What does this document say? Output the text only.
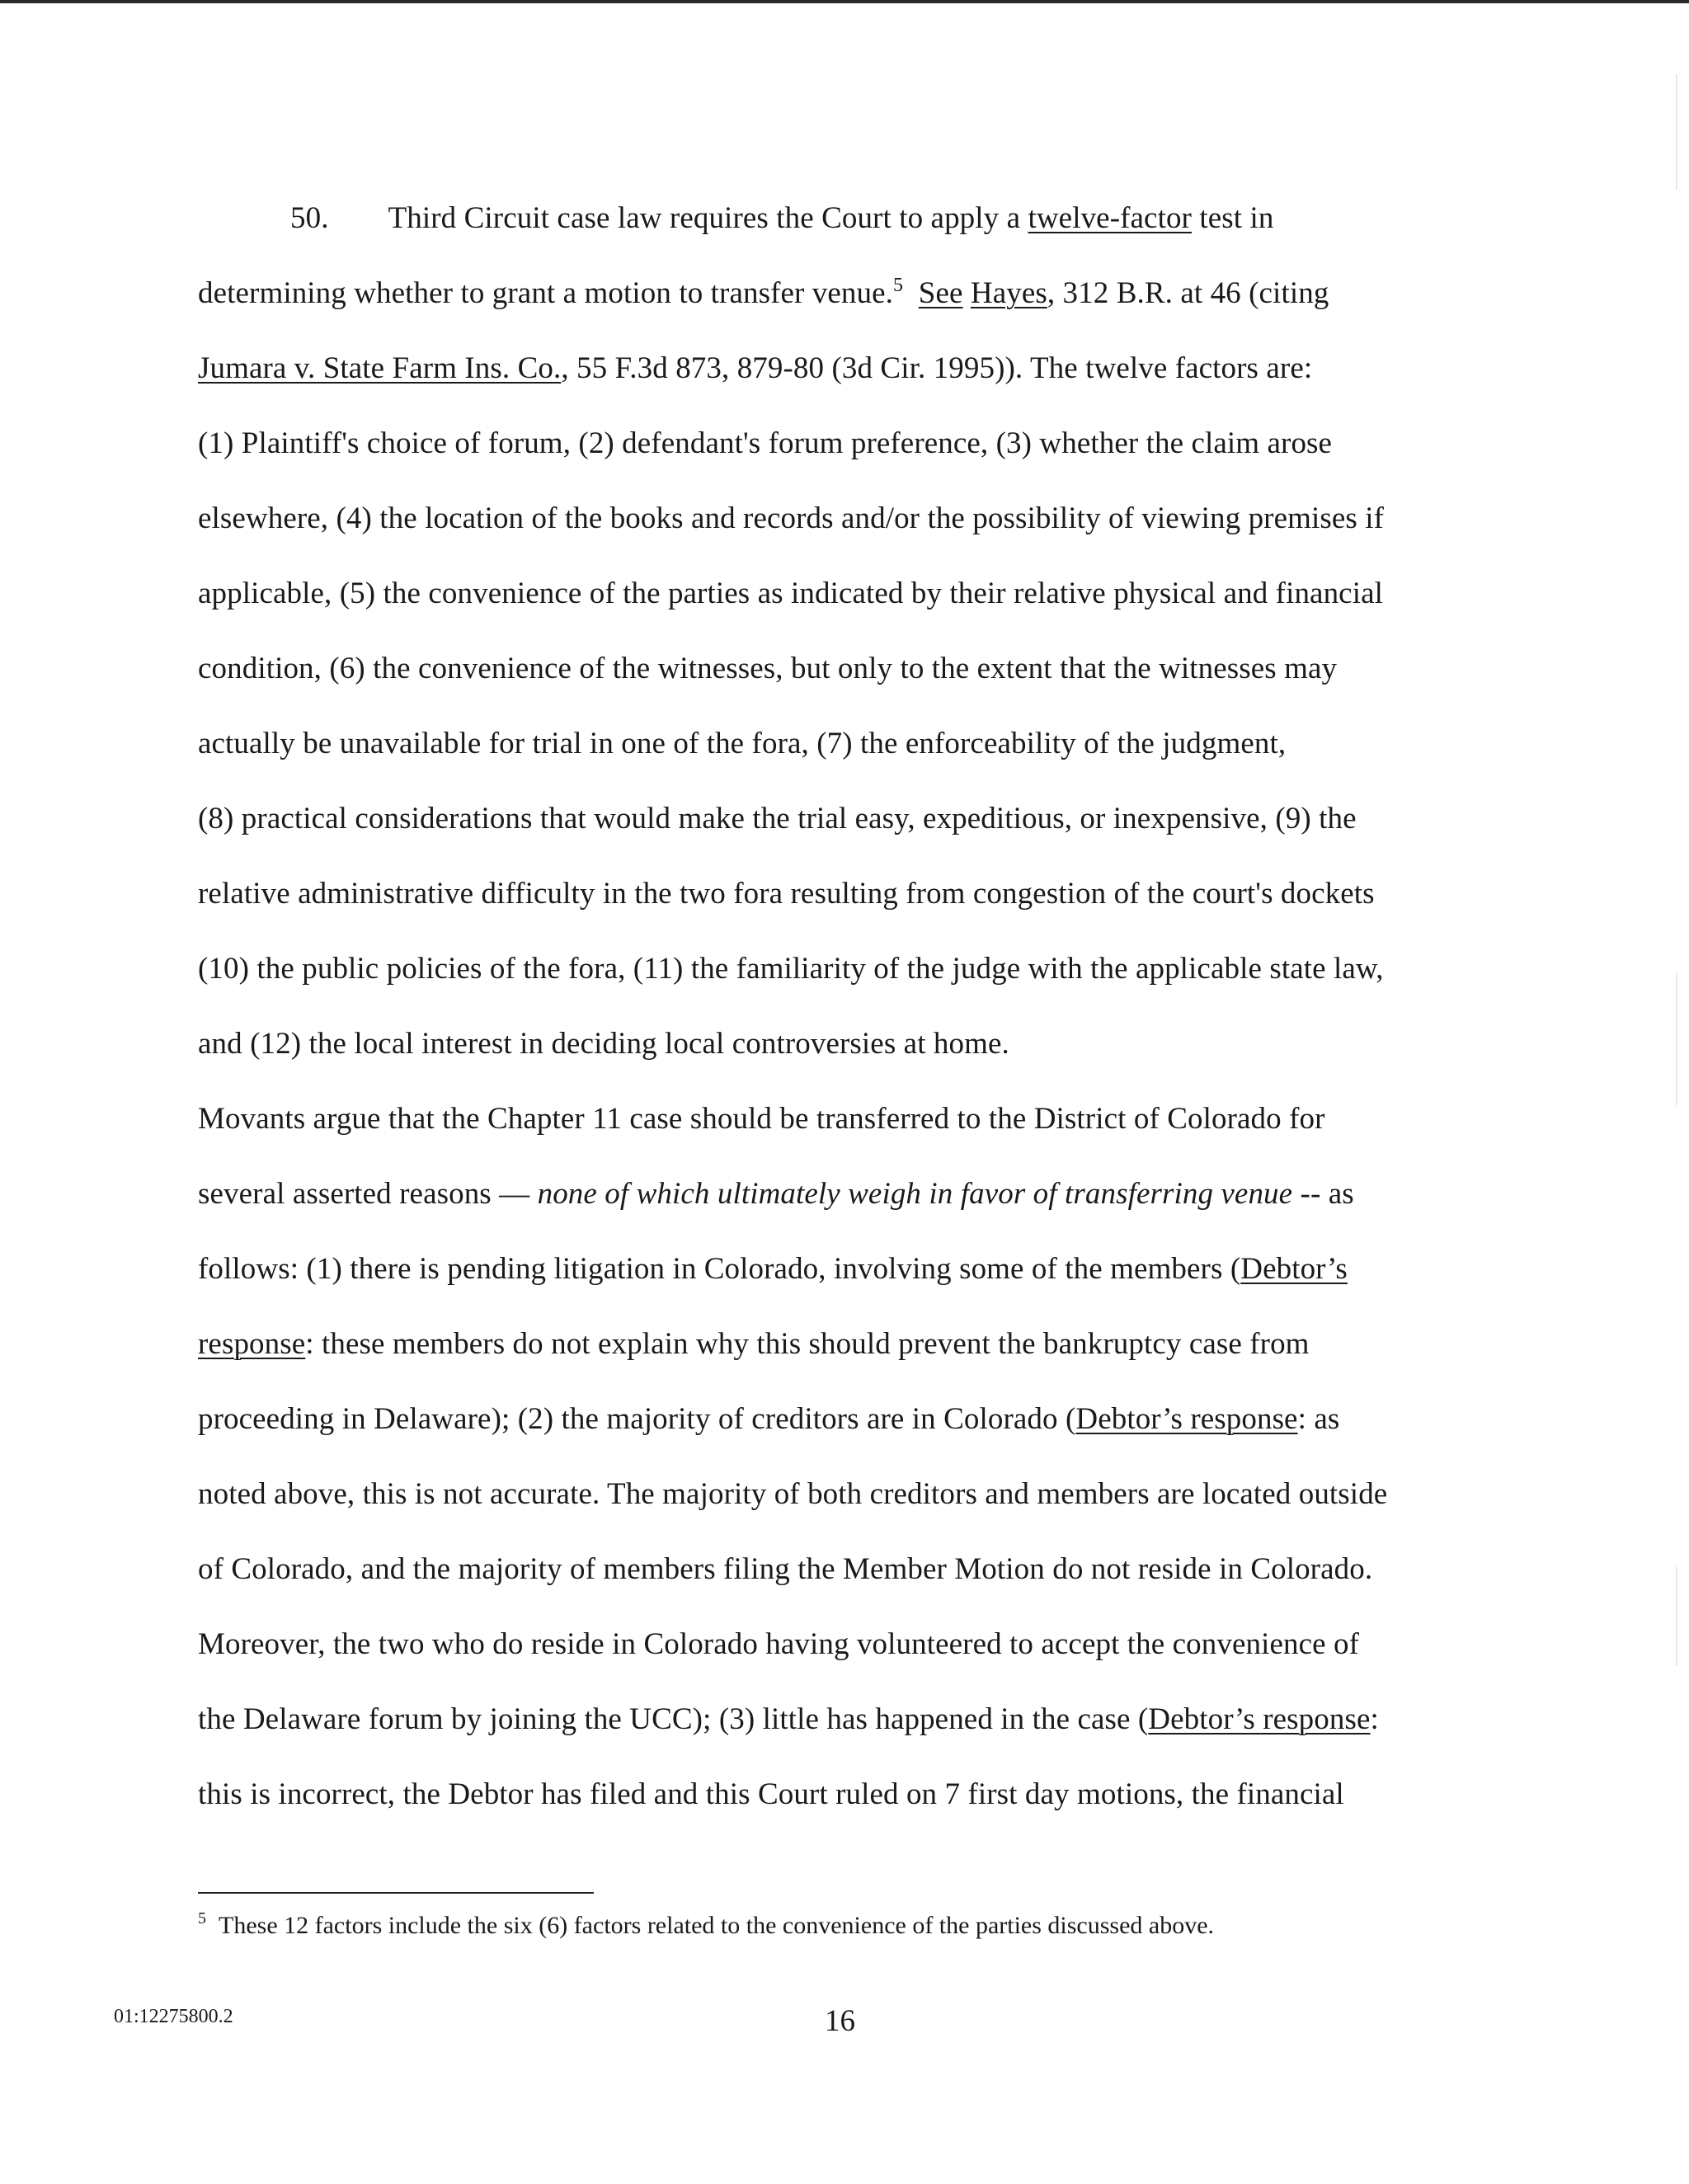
50. Third Circuit case law requires the Court to apply a twelve-factor test in
determining whether to grant a motion to transfer venue.$^5$ See Hayes, 312 B.R. at 46 (citing
Jumara v. State Farm Ins. Co., 55 F.3d 873, 879-80 (3d Cir. 1995)). The twelve factors are:
(1) Plaintiff's choice of forum, (2) defendant's forum preference, (3) whether the claim arose
elsewhere, (4) the location of the books and records and/or the possibility of viewing premises if
applicable, (5) the convenience of the parties as indicated by their relative physical and financial
condition, (6) the convenience of the witnesses, but only to the extent that the witnesses may
actually be unavailable for trial in one of the fora, (7) the enforceability of the judgment,
(8) practical considerations that would make the trial easy, expeditious, or inexpensive, (9) the
relative administrative difficulty in the two fora resulting from congestion of the court's dockets
(10) the public policies of the fora, (11) the familiarity of the judge with the applicable state law,
and (12) the local interest in deciding local controversies at home.
Movants argue that the Chapter 11 case should be transferred to the District of Colorado for
several asserted reasons — none of which ultimately weigh in favor of transferring venue -- as
follows: (1) there is pending litigation in Colorado, involving some of the members (Debtor’s
response: these members do not explain why this should prevent the bankruptcy case from
proceeding in Delaware); (2) the majority of creditors are in Colorado (Debtor’s response: as
noted above, this is not accurate. The majority of both creditors and members are located outside
of Colorado, and the majority of members filing the Member Motion do not reside in Colorado.
Moreover, the two who do reside in Colorado having volunteered to accept the convenience of
the Delaware forum by joining the UCC); (3) little has happened in the case (Debtor’s response:
this is incorrect, the Debtor has filed and this Court ruled on 7 first day motions, the financial
$^5$ These 12 factors include the six (6) factors related to the convenience of the parties discussed above.
01:12275800.2	16
